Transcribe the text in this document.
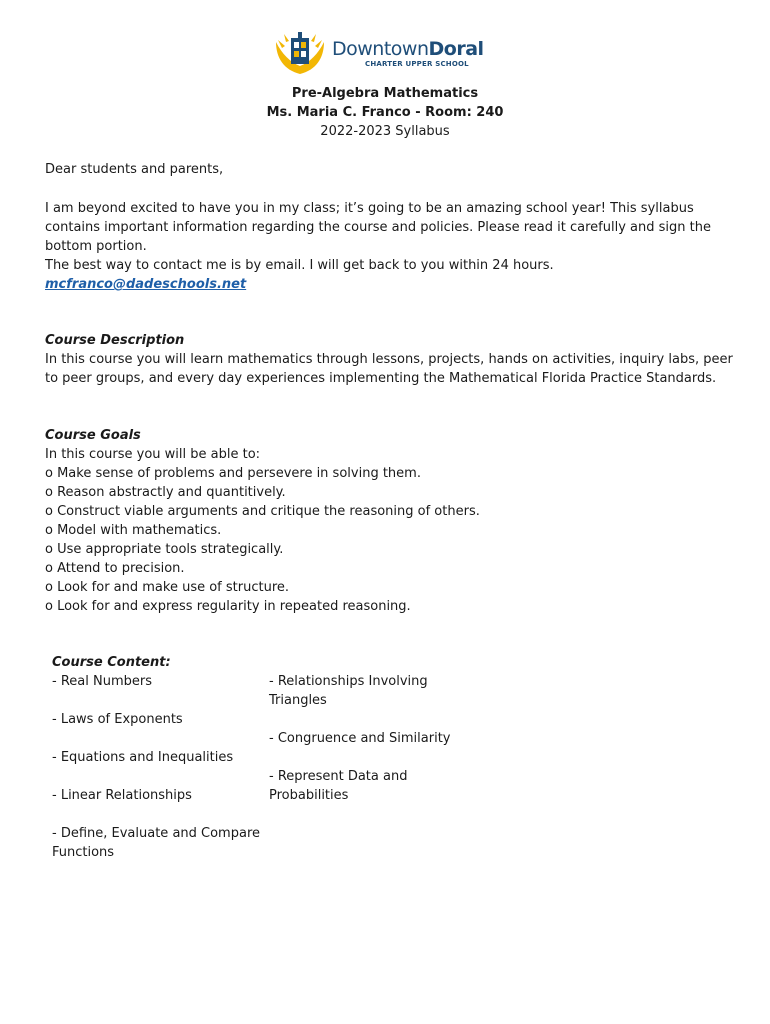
DowntownDoral
CHARTER UPPER SCHOOL
Pre-Algebra Mathematics
Ms. Maria C. Franco - Room: 240
2022-2023 Syllabus

Dear students and parents,

I am beyond excited to have you in my class; it’s going to be an amazing school year! This syllabus contains important information regarding the course and policies. Please read it carefully and sign the bottom portion.

The best way to contact me is by email. I will get back to you within 24 hours.

mcfranco@dadeschools.net

Course Description

In this course you will learn mathematics through lessons, projects, hands on activities, inquiry labs, peer to peer groups, and every day experiences implementing the Mathematical Florida Practice Standards.

Course Goals

In this course you will be able to:

o Make sense of problems and persevere in solving them.
o Reason abstractly and quantitively.
o Construct viable arguments and critique the reasoning of others.
o Model with mathematics.
o Use appropriate tools strategically.
o Attend to precision.
o Look for and make use of structure.
o Look for and express regularity in repeated reasoning.
Course Content:
- Real Numbers
- Laws of Exponents
- Equations and Inequalities
- Linear Relationships
- Define, Evaluate and Compare Functions
- Relationships Involving Triangles
- Congruence and Similarity
- Represent Data and Probabilities
